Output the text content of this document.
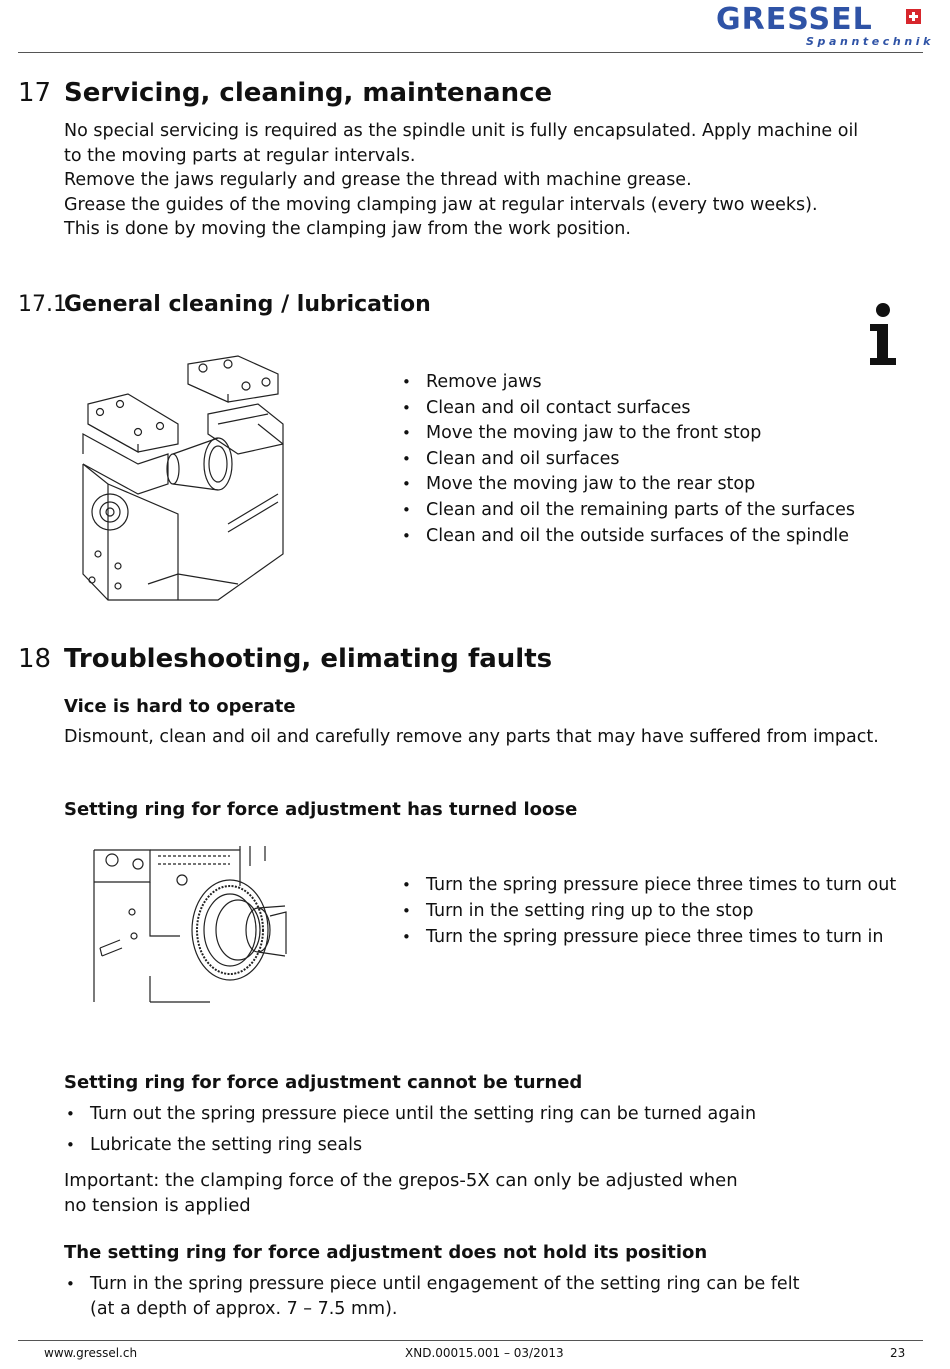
GRESSEL
Spanntechnik
17 Servicing, cleaning, maintenance
No special servicing is required as the spindle unit is fully encapsulated. Apply machine oil
to the moving parts at regular intervals.
Remove the jaws regularly and grease the thread with machine grease.
Grease the guides of the moving clamping jaw at regular intervals (every two weeks).
This is done by moving the clamping jaw from the work position.
17.1
General cleaning / lubrication
• Remove jaws
• Clean and oil contact surfaces
• Move the moving jaw to the front stop
• Clean and oil surfaces
• Move the moving jaw to the rear stop
• Clean and oil the remaining parts of the surfaces
• Clean and oil the outside surfaces of the spindle
18 Troubleshooting, elimating faults
Vice is hard to operate

Dismount, clean and oil and carefully remove any parts that may have suffered from impact.

Setting ring for force adjustment has turned loose
• Turn the spring pressure piece three times to turn out
• Turn in the setting ring up to the stop
• Turn the spring pressure piece three times to turn in
Setting ring for force adjustment cannot be turned
• Turn out the spring pressure piece until the setting ring can be turned again
• Lubricate the setting ring seals
Important: the clamping force of the grepos-5X can only be adjusted when
no tension is applied
The setting ring for force adjustment does not hold its position
• Turn in the spring pressure piece until engagement of the setting ring can be felt
(at a depth of approx. 7 – 7.5 mm).
www.gressel.ch	XND.00015.001 – 03/2013	23
